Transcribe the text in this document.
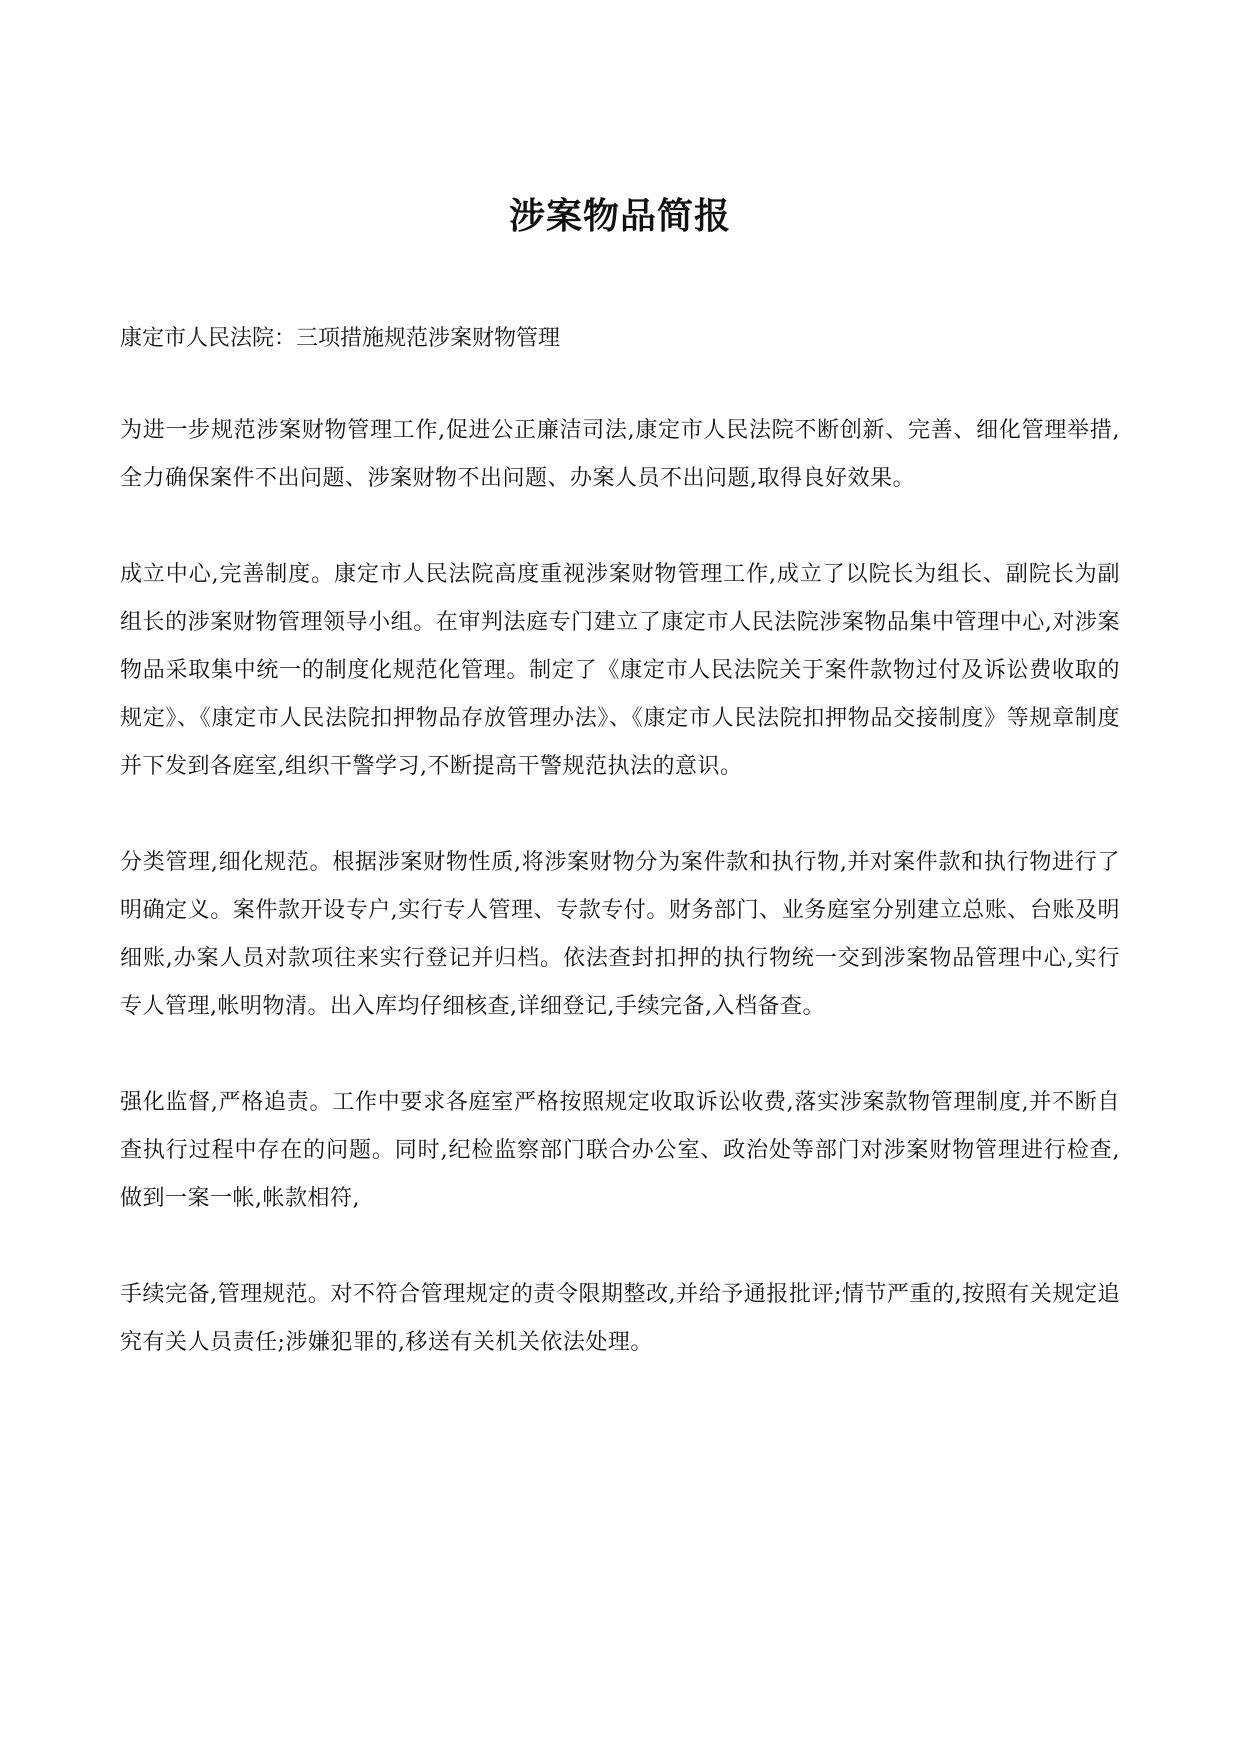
涉案物品简报

康定市人民法院：三项措施规范涉案财物管理

为进一步规范涉案财物管理工作,促进公正廉洁司法,康定市人民法院不断创新、完善、细化管理举措,全力确保案件不出问题、涉案财物不出问题、办案人员不出问题,取得良好效果。

成立中心,完善制度。康定市人民法院高度重视涉案财物管理工作,成立了以院长为组长、副院长为副组长的涉案财物管理领导小组。在审判法庭专门建立了康定市人民法院涉案物品集中管理中心,对涉案物品采取集中统一的制度化规范化管理。制定了《康定市人民法院关于案件款物过付及诉讼费收取的规定》、《康定市人民法院扣押物品存放管理办法》、《康定市人民法院扣押物品交接制度》等规章制度并下发到各庭室,组织干警学习,不断提高干警规范执法的意识。

分类管理,细化规范。根据涉案财物性质,将涉案财物分为案件款和执行物,并对案件款和执行物进行了明确定义。案件款开设专户,实行专人管理、专款专付。财务部门、业务庭室分别建立总账、台账及明细账,办案人员对款项往来实行登记并归档。依法查封扣押的执行物统一交到涉案物品管理中心,实行专人管理,帐明物清。出入库均仔细核查,详细登记,手续完备,入档备查。

强化监督,严格追责。工作中要求各庭室严格按照规定收取诉讼收费,落实涉案款物管理制度,并不断自查执行过程中存在的问题。同时,纪检监察部门联合办公室、政治处等部门对涉案财物管理进行检查,做到一案一帐,帐款相符,

手续完备,管理规范。对不符合管理规定的责令限期整改,并给予通报批评;情节严重的,按照有关规定追究有关人员责任;涉嫌犯罪的,移送有关机关依法处理。
